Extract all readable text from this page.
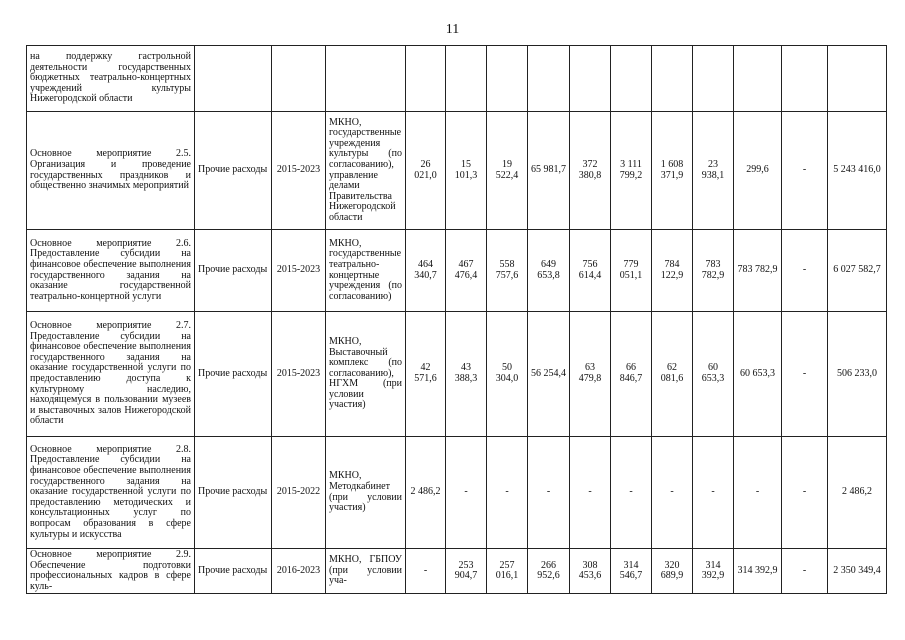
11
на поддержку гастрольной деятельности государственных бюджетных театрально-концертных учреждений культуры Нижегородской области															
Основное мероприятие 2.5. Организация и проведение государственных праздников и общественно значимых мероприятий	Прочие расходы	2015-2023	МКНО, государственные учреждения культуры (по согласованию), управление делами Правительства Нижегородской области	26 021,0	15 101,3	19 522,4	65 981,7	372 380,8	3 111 799,2	1 608 371,9	23 938,1	299,6	-	5 243 416,0	
Основное мероприятие 2.6. Предоставление субсидии на финансовое обеспечение выполнения государственного задания на оказание государственной театрально-концертной услуги	Прочие расходы	2015-2023	МКНО, государственные театрально-концертные учреждения (по согласованию)	464 340,7	467 476,4	558 757,6	649 653,8	756 614,4	779 051,1	784 122,9	783 782,9	783 782,9	-	6 027 582,7	
Основное мероприятие 2.7. Предоставление субсидии на финансовое обеспечение выполнения государственного задания на оказание государственной услуги по предоставлению доступа к культурному наследию, находящемуся в пользовании музеев и выставочных залов Нижегородской области	Прочие расходы	2015-2023	МКНО, Выставочный комплекс (по согласованию), НГХМ (при условии участия)	42 571,6	43 388,3	50 304,0	56 254,4	63 479,8	66 846,7	62 081,6	60 653,3	60 653,3	-	506 233,0	
Основное мероприятие 2.8. Предоставление субсидии на финансовое обеспечение выполнения государственного задания на оказание государственной услуги по предоставлению методических и консультационных услуг по вопросам образования в сфере культуры и искусства	Прочие расходы	2015-2022	МКНО, Методкабинет (при условии участия)	2 486,2	-	-	-	-	-	-	-	-	-	2 486,2	
Основное мероприятие 2.9. Обеспечение подготовки профессиональных кадров в сфере куль-	Прочие расходы	2016-2023	МКНО, ГБПОУ (при условии уча-	-	253 904,7	257 016,1	266 952,6	308 453,6	314 546,7	320 689,9	314 392,9	314 392,9	-	2 350 349,4	
